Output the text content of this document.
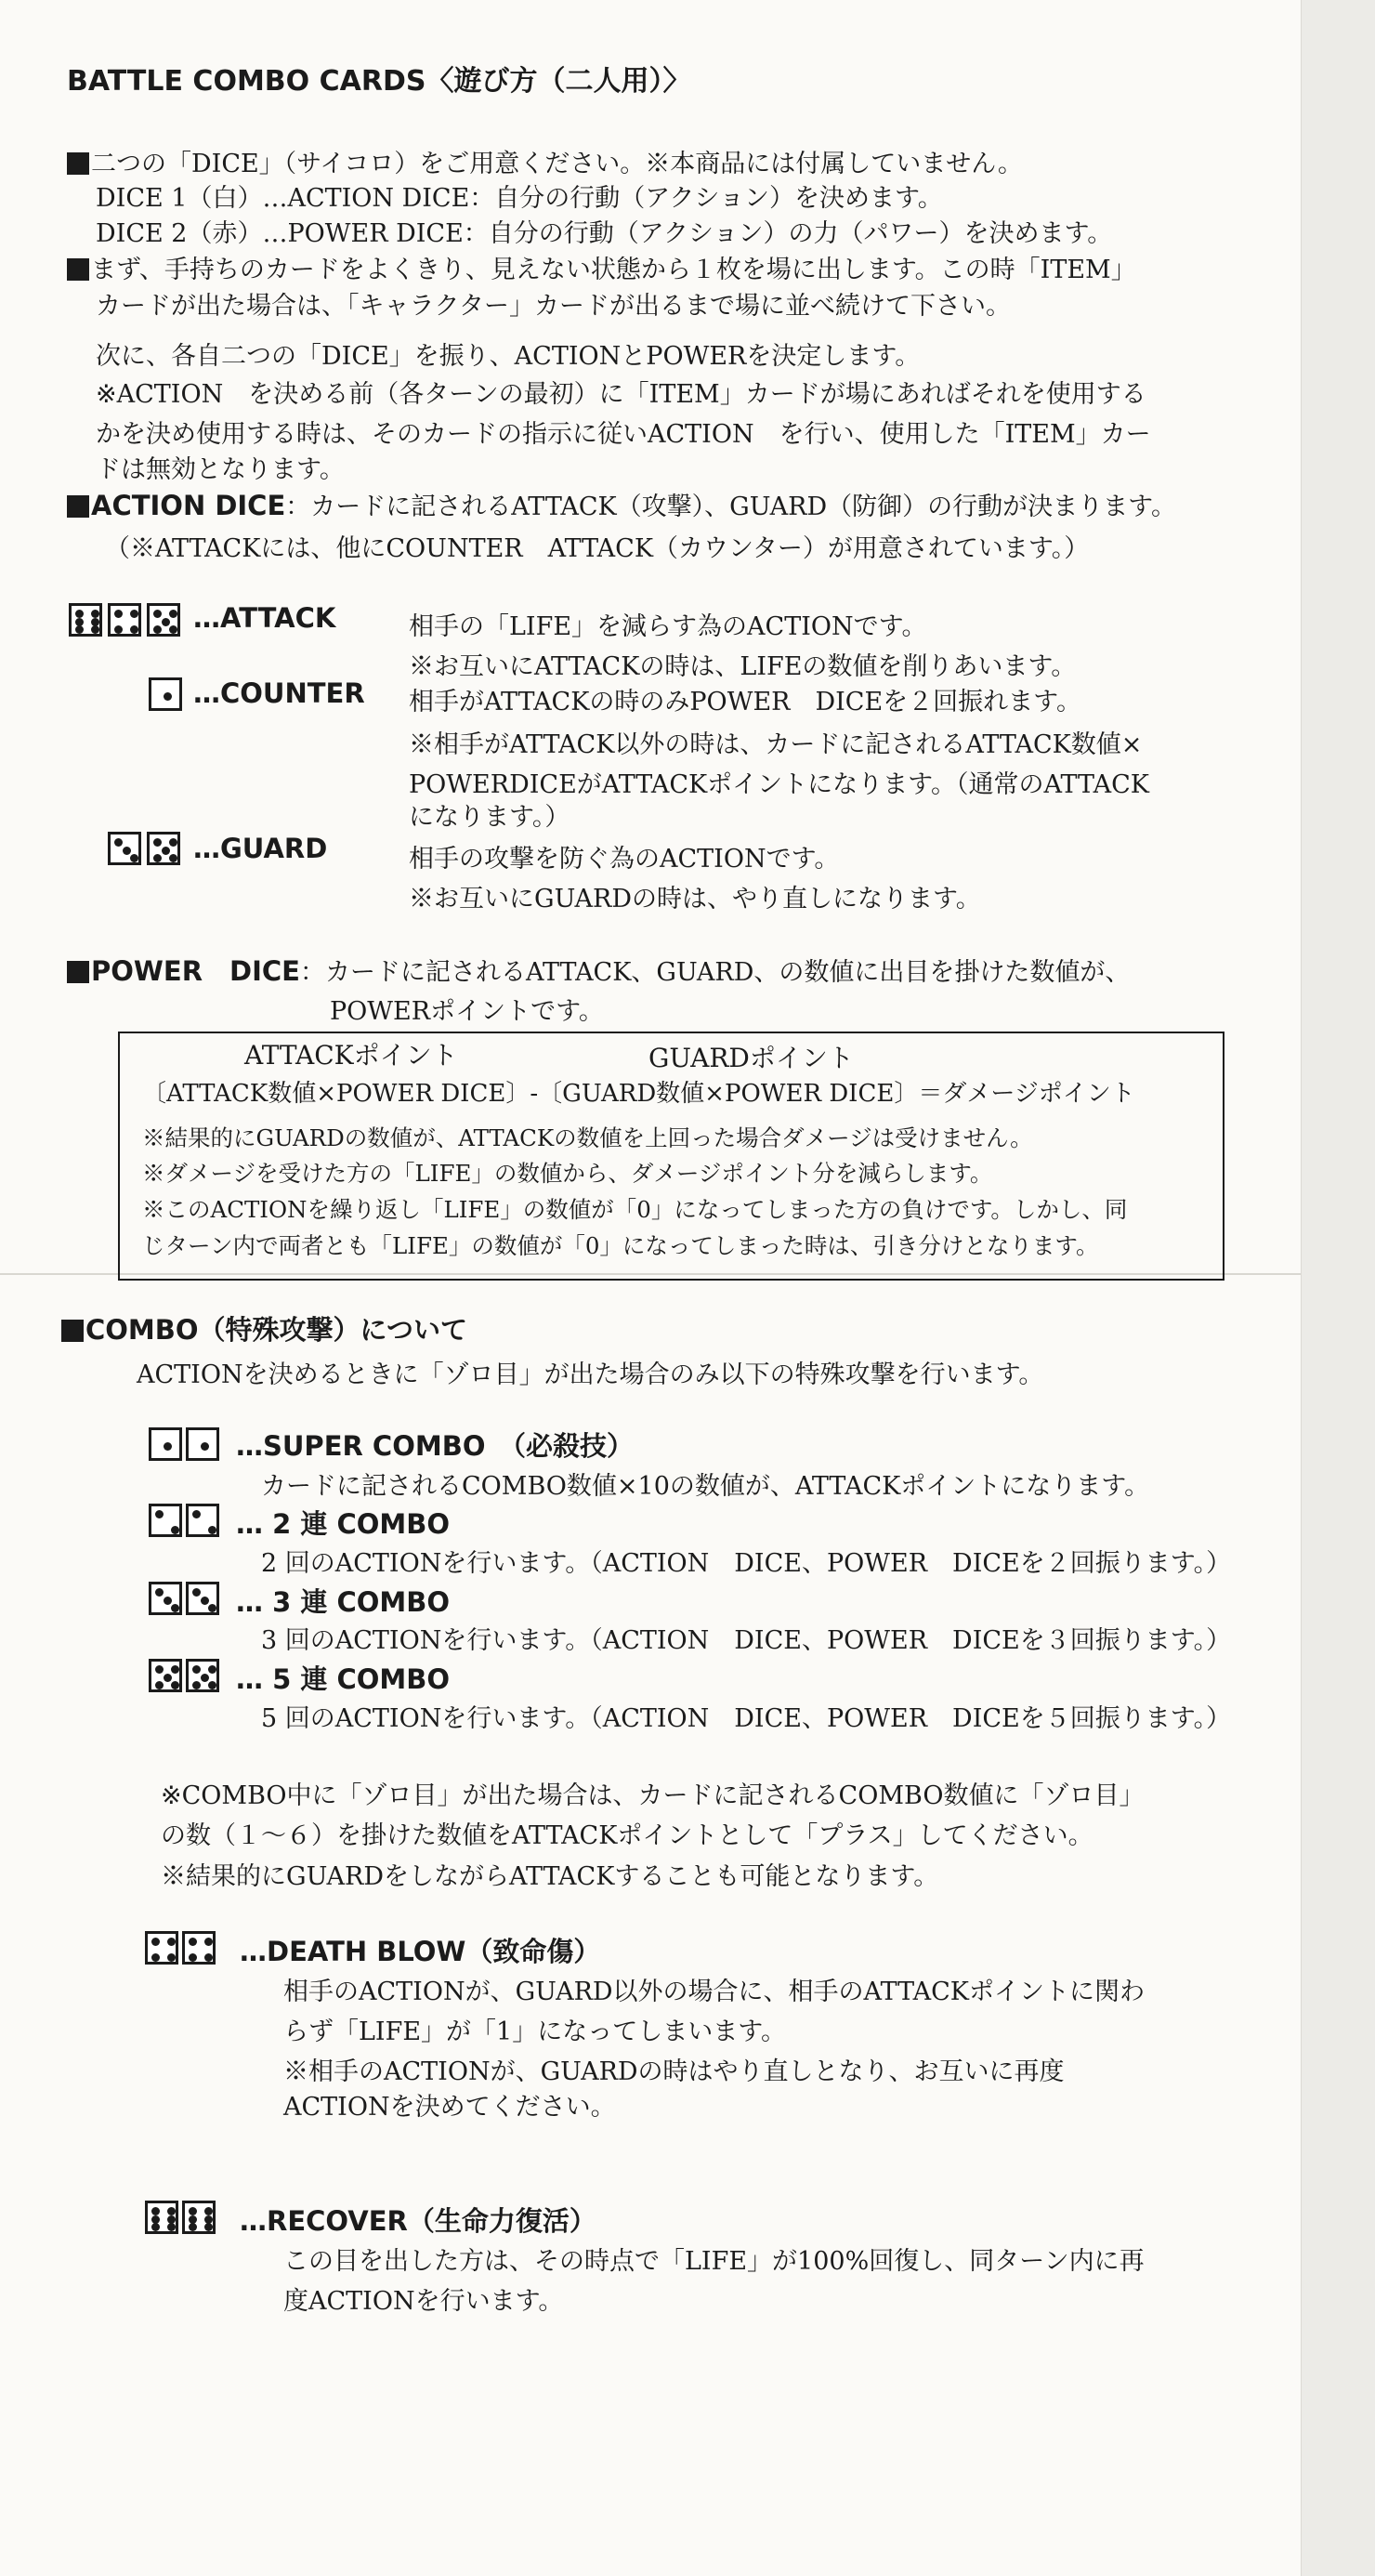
BATTLE COMBO CARDS〈遊び方（二人用）〉
二つの「DICE」（サイコロ）をご用意ください。※本商品には付属していません。
DICE 1（白）…ACTION DICE：自分の行動（アクション）を決めます。
DICE 2（赤）…POWER DICE：自分の行動（アクション）の力（パワー）を決めます。
まず、手持ちのカードをよくきり、見えない状態から１枚を場に出します。この時「ITEM」
カードが出た場合は、「キャラクター」カードが出るまで場に並べ続けて下さい。
次に、各自二つの「DICE」を振り、ACTIONとPOWERを決定します。
※ACTION　を決める前（各ターンの最初）に「ITEM」カードが場にあればそれを使用する
かを決め使用する時は、そのカードの指示に従いACTION　を行い、使用した「ITEM」カー
ドは無効となります。
ACTION DICE：カードに記されるATTACK（攻撃）、GUARD（防御）の行動が決まります。
（※ATTACKには、他にCOUNTER　ATTACK（カウンター）が用意されています。）
…ATTACK	相手の「LIFE」を減らす為のACTIONです。
※お互いにATTACKの時は、LIFEの数値を削りあいます。
…COUNTER 相手がATTACKの時のみPOWER　DICEを２回振れます。
※相手がATTACK以外の時は、カードに記されるATTACK数値×
POWERDICEがATTACKポイントになります。（通常のATTACK
になります。）
…GUARD	相手の攻撃を防ぐ為のACTIONです。
※お互いにGUARDの時は、やり直しになります。
POWER　DICE：カードに記されるATTACK、GUARD、の数値に出目を掛けた数値が、
POWERポイントです。
ATTACKポイント	GUARDポイント
〔ATTACK数値×POWER DICE〕-〔GUARD数値×POWER DICE〕＝ダメージポイント
※結果的にGUARDの数値が、ATTACKの数値を上回った場合ダメージは受けません。
※ダメージを受けた方の「LIFE」の数値から、ダメージポイント分を減らします。
※このACTIONを繰り返し「LIFE」の数値が「0」になってしまった方の負けです。しかし、同
じターン内で両者とも「LIFE」の数値が「0」になってしまった時は、引き分けとなります。
COMBO（特殊攻撃）について
ACTIONを決めるときに「ゾロ目」が出た場合のみ以下の特殊攻撃を行います。
…SUPER COMBO　（必殺技）
カードに記されるCOMBO数値×10の数値が、ATTACKポイントになります。
… 2 連 COMBO
2 回のACTIONを行います。（ACTION　DICE、POWER　DICEを２回振ります。）
… 3 連 COMBO
3 回のACTIONを行います。（ACTION　DICE、POWER　DICEを３回振ります。）
… 5 連 COMBO
5 回のACTIONを行います。（ACTION　DICE、POWER　DICEを５回振ります。）
※COMBO中に「ゾロ目」が出た場合は、カードに記されるCOMBO数値に「ゾロ目」
の数（１～６）を掛けた数値をATTACKポイントとして「プラス」してください。
※結果的にGUARDをしながらATTACKすることも可能となります。
…DEATH BLOW（致命傷）
相手のACTIONが、GUARD以外の場合に、相手のATTACKポイントに関わ
らず「LIFE」が「1」になってしまいます。
※相手のACTIONが、GUARDの時はやり直しとなり、お互いに再度
ACTIONを決めてください。
…RECOVER（生命力復活）
この目を出した方は、その時点で「LIFE」が100%回復し、同ターン内に再
度ACTIONを行います。
